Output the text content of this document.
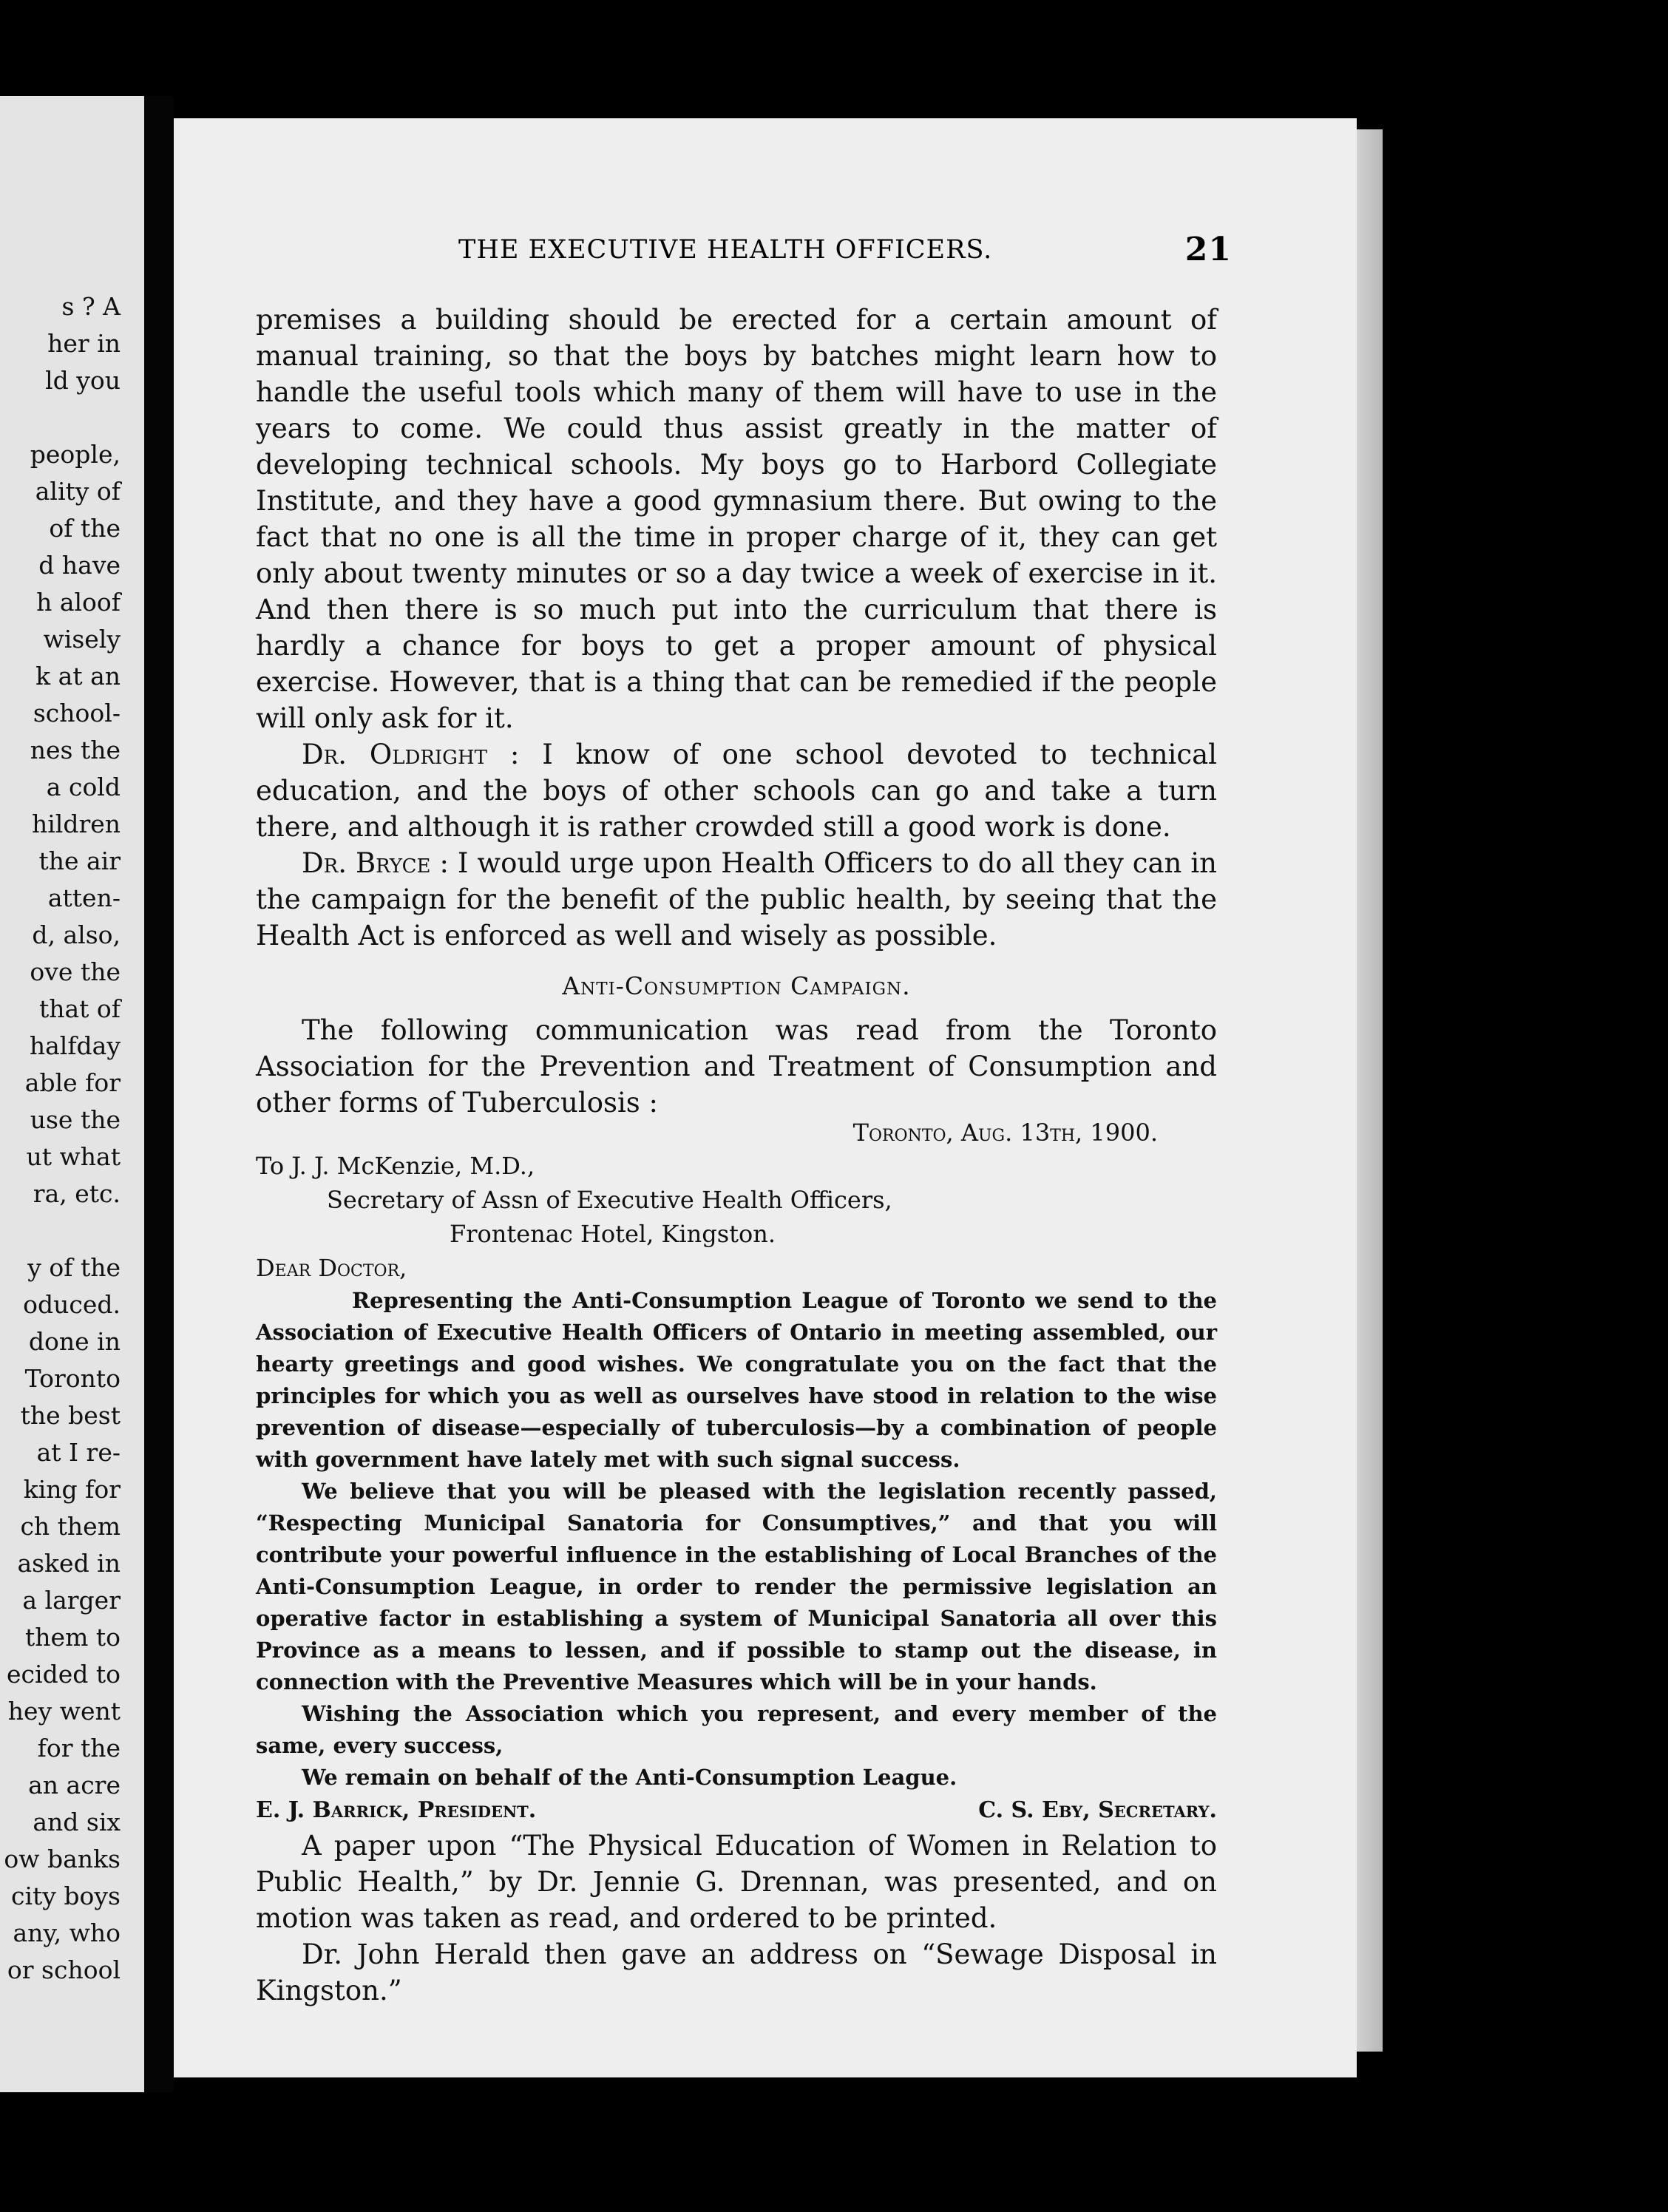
s ? A
her in
ld you

people,
ality of
of the
d have
h aloof
wisely
k at an
school-
nes the
a cold
hildren
the air
atten-
d, also,
ove the
that of
halfday
able for
use the
ut what
ra, etc.

y of the
oduced.
done in
Toronto
the best
at I re-
king for
ch them
asked in
a larger
them to
ecided to
hey went
for the
an acre
and six
ow banks
city boys
any, who
or school
THE EXECUTIVE HEALTH OFFICERS.	21

premises a building should be erected for a certain amount of manual training, so that the boys by batches might learn how to handle the useful tools which many of them will have to use in the years to come. We could thus assist greatly in the matter of developing technical schools. My boys go to Harbord Collegiate Institute, and they have a good gymnasium there. But owing to the fact that no one is all the time in proper charge of it, they can get only about twenty minutes or so a day twice a week of exercise in it. And then there is so much put into the curriculum that there is hardly a chance for boys to get a proper amount of physical exercise. However, that is a thing that can be remedied if the people will only ask for it.

Dr. Oldright : I know of one school devoted to technical education, and the boys of other schools can go and take a turn there, and although it is rather crowded still a good work is done.

Dr. Bryce : I would urge upon Health Officers to do all they can in the campaign for the benefit of the public health, by seeing that the Health Act is enforced as well and wisely as possible.

Anti-Consumption Campaign.

The following communication was read from the Toronto Association for the Prevention and Treatment of Consumption and other forms of Tuberculosis :

Toronto, Aug. 13th, 1900.

To J. J. McKenzie, M.D.,

Secretary of Assn of Executive Health Officers,

Frontenac Hotel, Kingston.

Dear Doctor,

Representing the Anti-Consumption League of Toronto we send to the Association of Executive Health Officers of Ontario in meeting assembled, our hearty greetings and good wishes. We congratulate you on the fact that the principles for which you as well as ourselves have stood in relation to the wise prevention of disease—especially of tuberculosis—by a combination of people with government have lately met with such signal success.

We believe that you will be pleased with the legislation recently passed, “Respecting Municipal Sanatoria for Consumptives,” and that you will contribute your powerful influence in the establishing of Local Branches of the Anti-Consumption League, in order to render the permissive legislation an operative factor in establishing a system of Municipal Sanatoria all over this Province as a means to lessen, and if possible to stamp out the disease, in connection with the Preventive Measures which will be in your hands.

Wishing the Association which you represent, and every member of the same, every success,

We remain on behalf of the Anti-Consumption League.

E. J. Barrick, President.	C. S. Eby, Secretary.

A paper upon “The Physical Education of Women in Relation to Public Health,” by Dr. Jennie G. Drennan, was presented, and on motion was taken as read, and ordered to be printed.

Dr. John Herald then gave an address on “Sewage Disposal in Kingston.”
